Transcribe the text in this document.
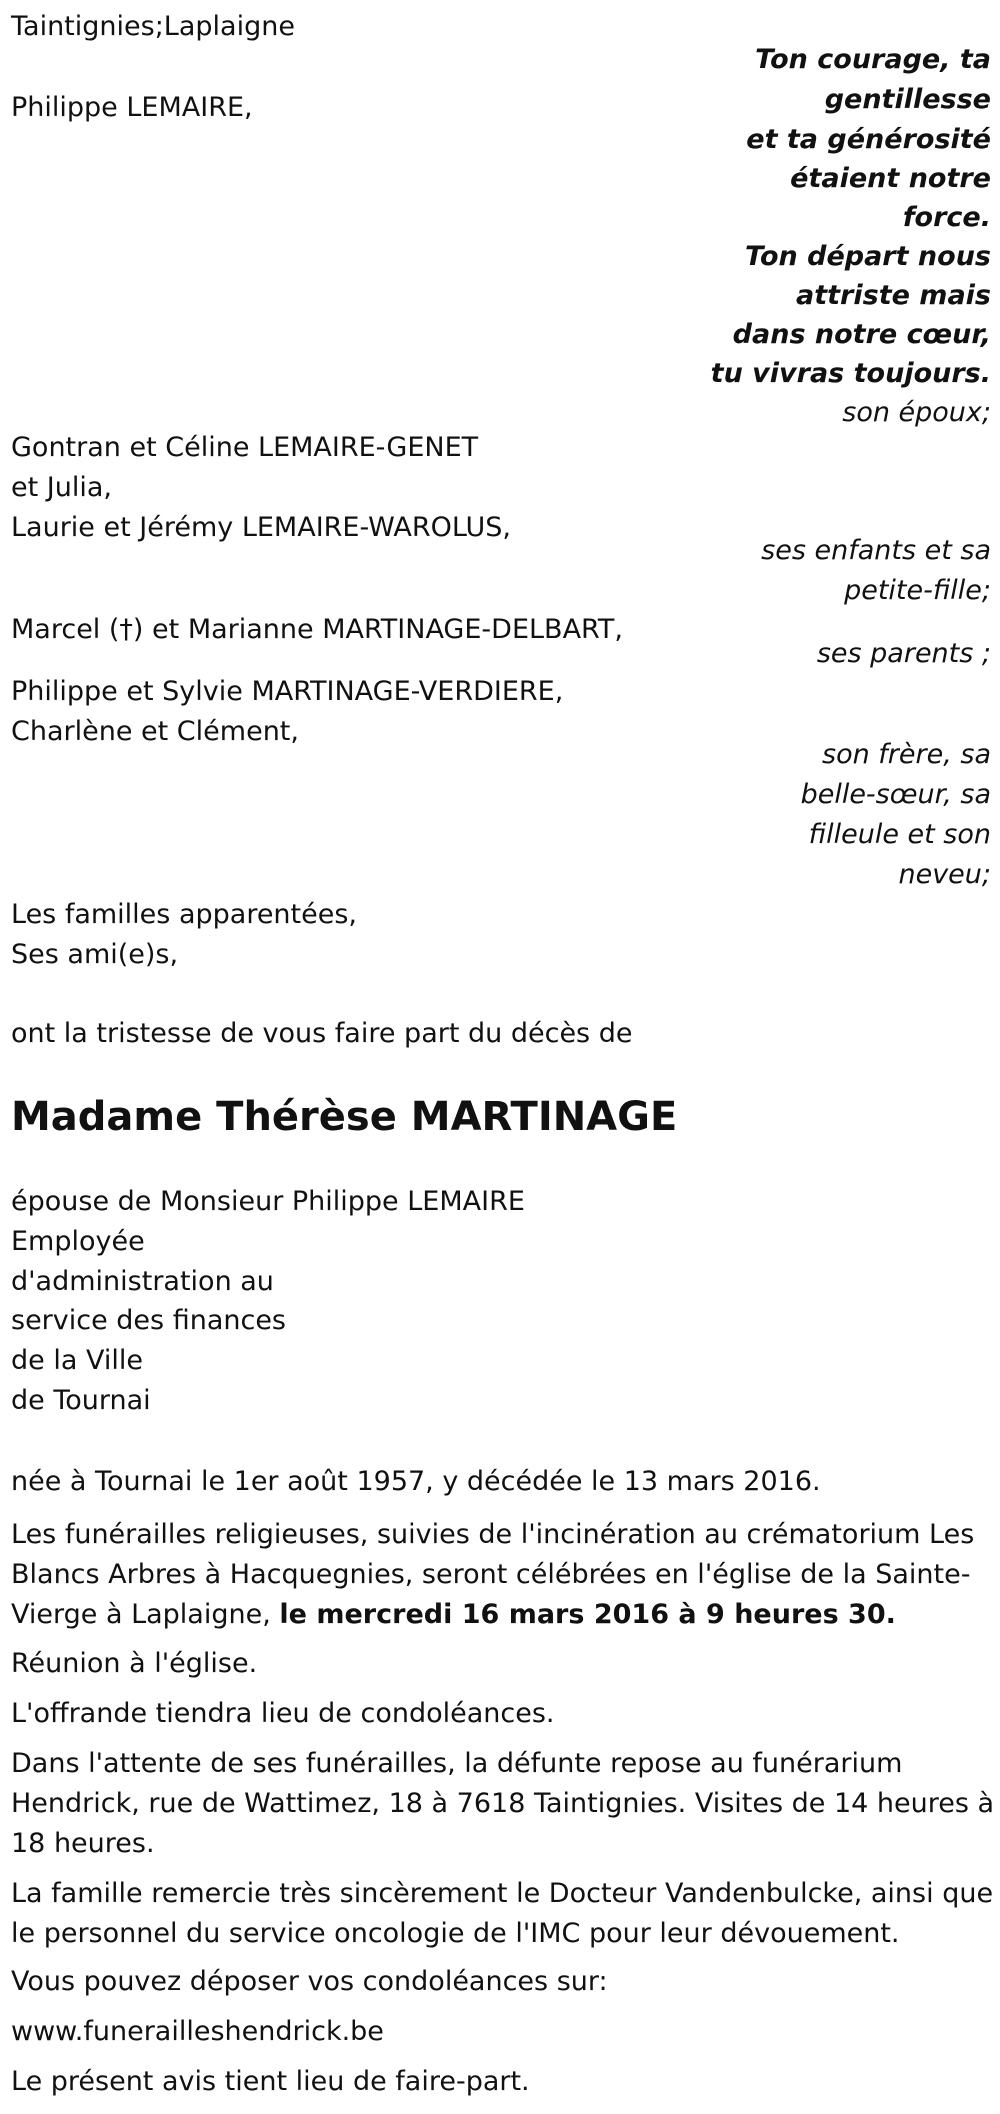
Taintignies;Laplaigne
Ton courage, ta
gentillesse
et ta générosité
étaient notre
force.
Ton départ nous
attriste mais
dans notre cœur,
tu vivras toujours.
Philippe LEMAIRE,
son époux;
Gontran et Céline LEMAIRE-GENET
et Julia,
Laurie et Jérémy LEMAIRE-WAROLUS,
ses enfants et sa
petite-fille;
Marcel (†) et Marianne MARTINAGE-DELBART,
ses parents ;
Philippe et Sylvie MARTINAGE-VERDIERE,
Charlène et Clément,
son frère, sa
belle-sœur, sa
filleule et son
neveu;
Les familles apparentées,
Ses ami(e)s,
ont la tristesse de vous faire part du décès de
Madame Thérèse MARTINAGE
épouse de Monsieur Philippe LEMAIRE
Employée
d'administration au
service des finances
de la Ville
de Tournai
née à Tournai le 1er août 1957, y décédée le 13 mars 2016.
Les funérailles religieuses, suivies de l'incinération au crématorium Les Blancs Arbres à Hacquegnies, seront célébrées en l'église de la Sainte-Vierge à Laplaigne, le mercredi 16 mars 2016 à 9 heures 30.
Réunion à l'église.
L'offrande tiendra lieu de condoléances.
Dans l'attente de ses funérailles, la défunte repose au funérarium Hendrick, rue de Wattimez, 18 à 7618 Taintignies. Visites de 14 heures à 18 heures.
La famille remercie très sincèrement le Docteur Vandenbulcke, ainsi que le personnel du service oncologie de l'IMC pour leur dévouement.
Vous pouvez déposer vos condoléances sur:
www.funerailleshendrick.be
Le présent avis tient lieu de faire-part.
